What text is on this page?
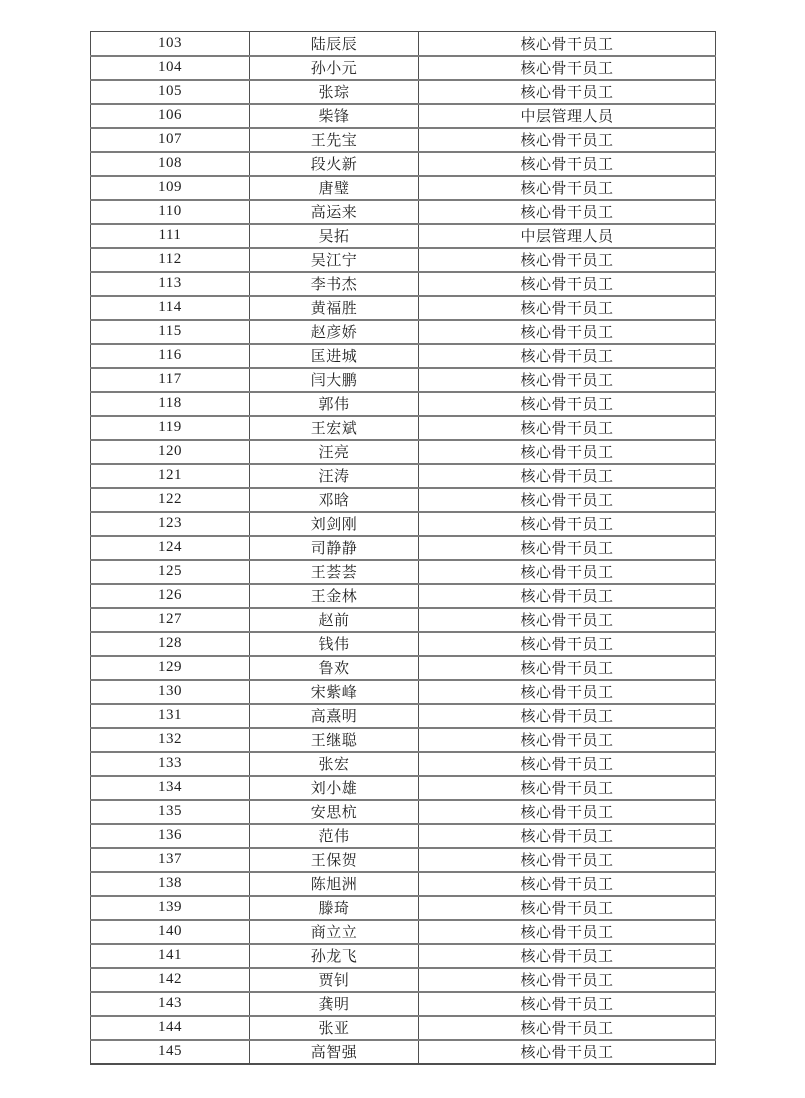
103	陆辰辰	核心骨干员工
104	孙小元	核心骨干员工
105	张琮	核心骨干员工
106	柴锋	中层管理人员
107	王先宝	核心骨干员工
108	段火新	核心骨干员工
109	唐璧	核心骨干员工
110	高运来	核心骨干员工
111	吴拓	中层管理人员
112	吴江宁	核心骨干员工
113	李书杰	核心骨干员工
114	黄福胜	核心骨干员工
115	赵彦娇	核心骨干员工
116	匡进城	核心骨干员工
117	闫大鹏	核心骨干员工
118	郭伟	核心骨干员工
119	王宏斌	核心骨干员工
120	汪亮	核心骨干员工
121	汪涛	核心骨干员工
122	邓晗	核心骨干员工
123	刘剑刚	核心骨干员工
124	司静静	核心骨干员工
125	王荟荟	核心骨干员工
126	王金林	核心骨干员工
127	赵前	核心骨干员工
128	钱伟	核心骨干员工
129	鲁欢	核心骨干员工
130	宋紫峰	核心骨干员工
131	高熹明	核心骨干员工
132	王继聪	核心骨干员工
133	张宏	核心骨干员工
134	刘小雄	核心骨干员工
135	安思杭	核心骨干员工
136	范伟	核心骨干员工
137	王保贺	核心骨干员工
138	陈旭洲	核心骨干员工
139	滕琦	核心骨干员工
140	商立立	核心骨干员工
141	孙龙飞	核心骨干员工
142	贾钊	核心骨干员工
143	龚明	核心骨干员工
144	张亚	核心骨干员工
145	高智强	核心骨干员工
